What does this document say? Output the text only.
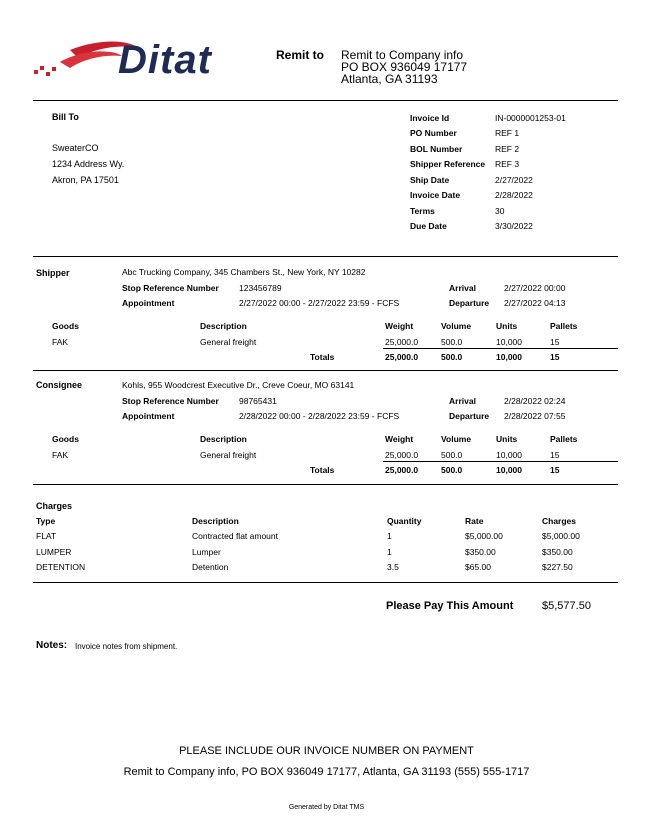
Ditat	Remit to Remit to Company info
PO BOX 936049 17177
Atlanta, GA 31193
Bill To
SweaterCO
1234 Address Wy.
Akron, PA 17501
Invoice Id	IN-0000001253-01
PO Number	REF 1
BOL Number	REF 2
Shipper Reference REF 3
Ship Date	2/27/2022
Invoice Date	2/28/2022
Terms	30
Due Date	3/30/2022
Shipper	Abc Trucking Company, 345 Chambers St., New York, NY 10282
Stop Reference Number 123456789	Arrival	2/27/2022 00:00
Appointment	2/27/2022 00:00 - 2/27/2022 23:59 - FCFS	Departure 2/27/2022 04:13
Goods	Description	Weight	Volume	Units	Pallets
FAK	General freight	25,000.0	500.0	10,000	15
Totals	25,000.0	500.0	10,000	15
Consignee	Kohls, 955 Woodcrest Executive Dr., Creve Coeur, MO 63141
Stop Reference Number 98765431	Arrival	2/28/2022 02:24
Appointment	2/28/2022 00:00 - 2/28/2022 23:59 - FCFS	Departure 2/28/2022 07:55
Goods	Description	Weight	Volume	Units	Pallets
FAK	General freight	25,000.0	500.0	10,000	15
Totals	25,000.0	500.0	10,000	15
Charges
Type	Description	Quantity	Rate	Charges
FLAT	Contracted flat amount	1	$5,000.00	$5,000.00
LUMPER	Lumper	1	$350.00	$350.00
DETENTION	Detention	3.5	$65.00	$227.50
Please Pay This Amount	$5,577.50
Notes: Invoice notes from shipment.
PLEASE INCLUDE OUR INVOICE NUMBER ON PAYMENT
Remit to Company info, PO BOX 936049 17177, Atlanta, GA 31193 (555) 555-1717
Generated by Ditat TMS
